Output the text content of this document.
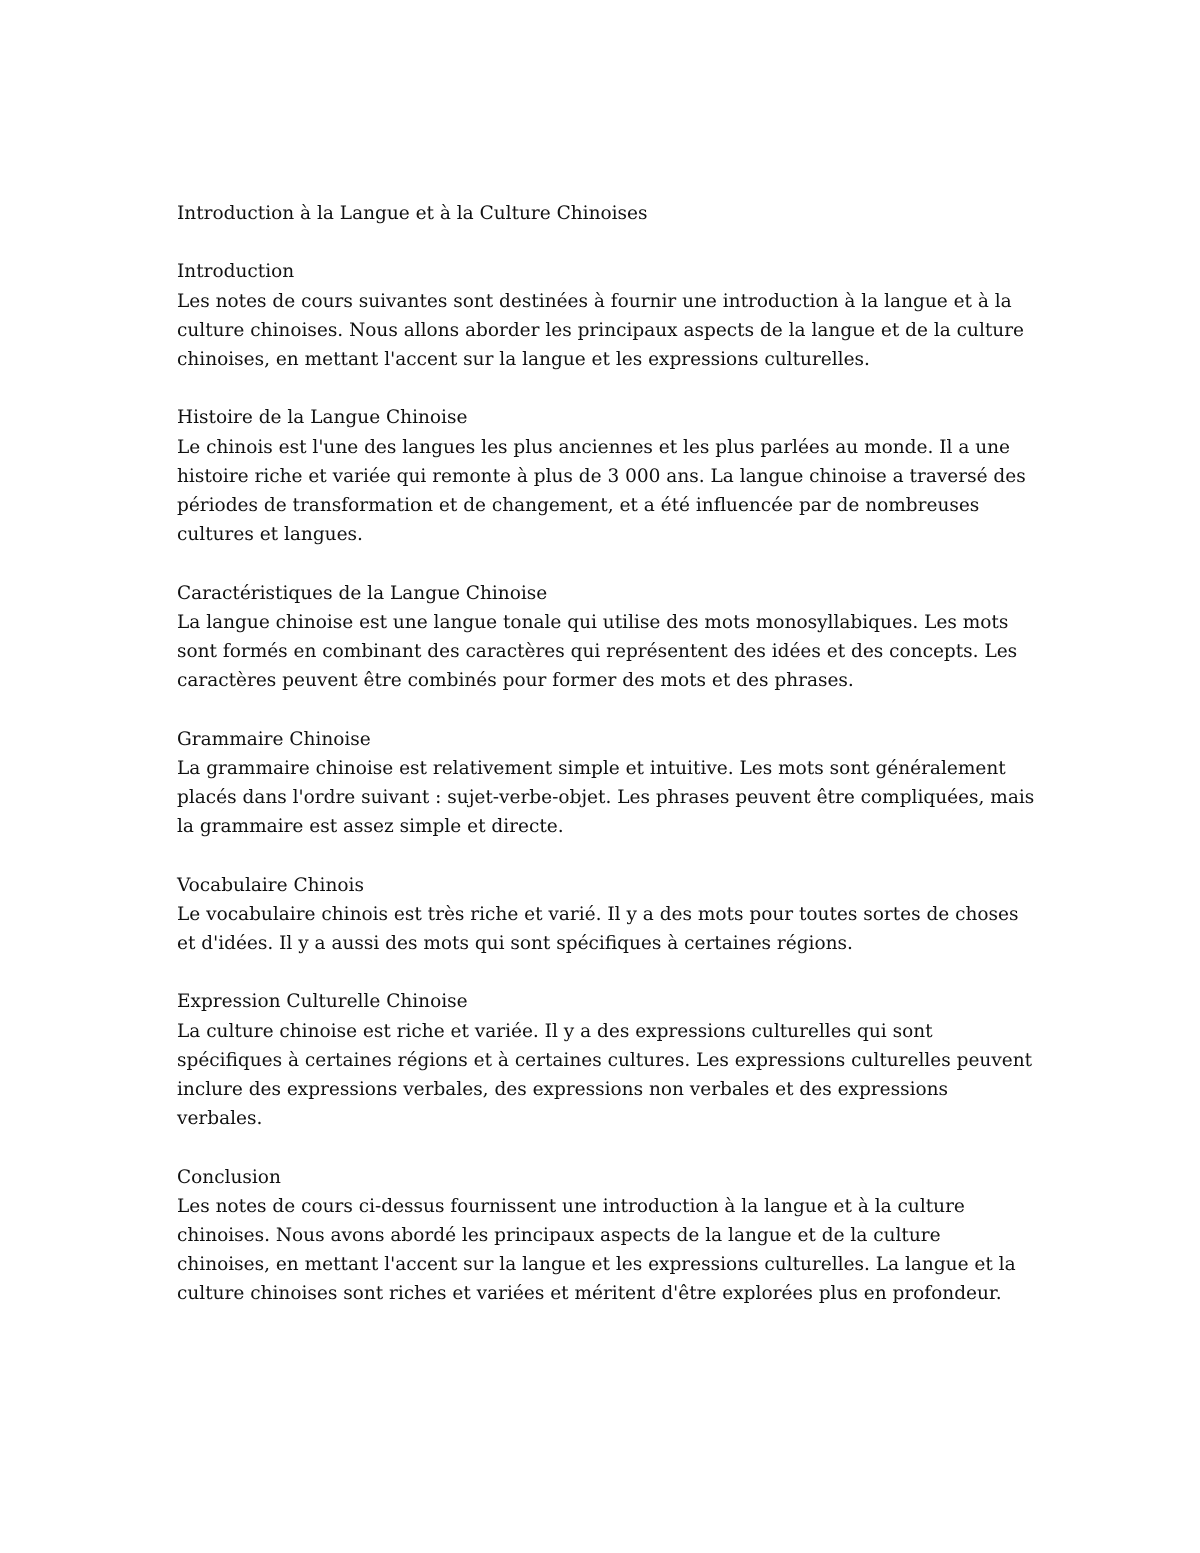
Introduction à la Langue et à la Culture Chinoises
Introduction

Les notes de cours suivantes sont destinées à fournir une introduction à la langue et à la culture chinoises. Nous allons aborder les principaux aspects de la langue et de la culture chinoises, en mettant l'accent sur la langue et les expressions culturelles.

Histoire de la Langue Chinoise

Le chinois est l'une des langues les plus anciennes et les plus parlées au monde. Il a une histoire riche et variée qui remonte à plus de 3 000 ans. La langue chinoise a traversé des périodes de transformation et de changement, et a été influencée par de nombreuses cultures et langues.

Caractéristiques de la Langue Chinoise

La langue chinoise est une langue tonale qui utilise des mots monosyllabiques. Les mots sont formés en combinant des caractères qui représentent des idées et des concepts. Les caractères peuvent être combinés pour former des mots et des phrases.

Grammaire Chinoise

La grammaire chinoise est relativement simple et intuitive. Les mots sont généralement placés dans l'ordre suivant : sujet-verbe-objet. Les phrases peuvent être compliquées, mais la grammaire est assez simple et directe.

Vocabulaire Chinois

Le vocabulaire chinois est très riche et varié. Il y a des mots pour toutes sortes de choses et d'idées. Il y a aussi des mots qui sont spécifiques à certaines régions.

Expression Culturelle Chinoise

La culture chinoise est riche et variée. Il y a des expressions culturelles qui sont spécifiques à certaines régions et à certaines cultures. Les expressions culturelles peuvent inclure des expressions verbales, des expressions non verbales et des expressions verbales.

Conclusion

Les notes de cours ci-dessus fournissent une introduction à la langue et à la culture chinoises. Nous avons abordé les principaux aspects de la langue et de la culture chinoises, en mettant l'accent sur la langue et les expressions culturelles. La langue et la culture chinoises sont riches et variées et méritent d'être explorées plus en profondeur.
